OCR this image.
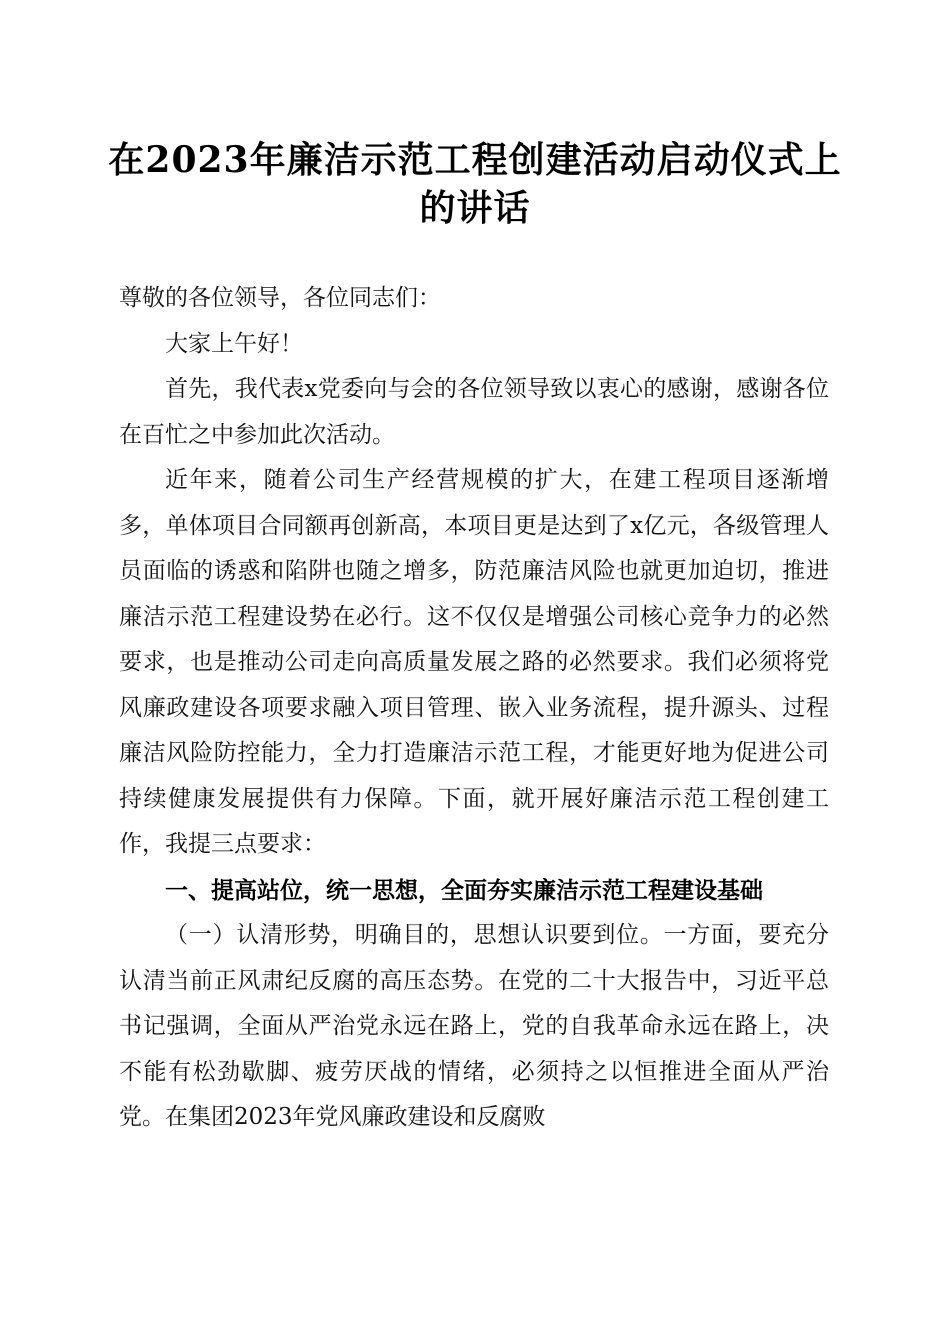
在2023年廉洁示范工程创建活动启动仪式上
的讲话

尊敬的各位领导，各位同志们：

大家上午好！

首先，我代表x党委向与会的各位领导致以衷心的感谢，感谢各位在百忙之中参加此次活动。

近年来，随着公司生产经营规模的扩大，在建工程项目逐渐增多，单体项目合同额再创新高，本项目更是达到了x亿元，各级管理人员面临的诱惑和陷阱也随之增多，防范廉洁风险也就更加迫切，推进廉洁示范工程建设势在必行。这不仅仅是增强公司核心竞争力的必然要求，也是推动公司走向高质量发展之路的必然要求。我们必须将党风廉政建设各项要求融入项目管理、嵌入业务流程，提升源头、过程廉洁风险防控能力，全力打造廉洁示范工程，才能更好地为促进公司持续健康发展提供有力保障。下面，就开展好廉洁示范工程创建工作，我提三点要求：

一、提高站位，统一思想，全面夯实廉洁示范工程建设基础

（一）认清形势，明确目的，思想认识要到位。一方面，要充分认清当前正风肃纪反腐的高压态势。在党的二十大报告中，习近平总书记强调，全面从严治党永远在路上，党的自我革命永远在路上，决不能有松劲歇脚、疲劳厌战的情绪，必须持之以恒推进全面从严治党。在集团2023年党风廉政建设和反腐败
